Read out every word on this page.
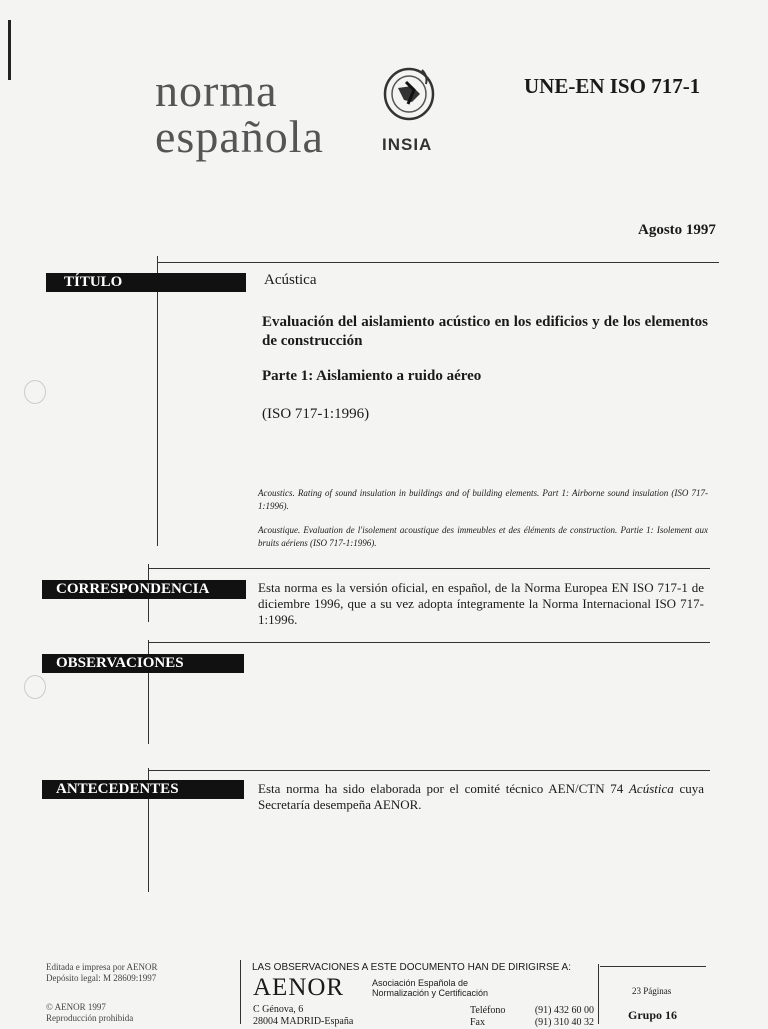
norma
española	INSIA
UNE-EN ISO 717-1
Agosto 1997
TÍTULO	Acústica
Evaluación del aislamiento acústico en los edificios y de los elementos de construcción
Parte 1: Aislamiento a ruido aéreo
(ISO 717-1:1996)
Acoustics. Rating of sound insulation in buildings and of building elements. Part 1: Airborne sound insulation (ISO 717-1:1996).
Acoustique. Evaluation de l'isolement acoustique des immeubles et des éléments de construction. Partie 1: Isolement aux bruits aériens (ISO 717-1:1996).
CORRESPONDENCIA	Esta norma es la versión oficial, en español, de la Norma Europea EN ISO 717-1 de diciembre 1996, que a su vez adopta íntegramente la Norma Internacional ISO 717-1:1996.
OBSERVACIONES
ANTECEDENTES	Esta norma ha sido elaborada por el comité técnico AEN/CTN 74 Acústica cuya Secretaría desempeña AENOR.
Editada e impresa por AENOR
Depósito legal: M 28609:1997
© AENOR 1997
Reproducción prohibida
LAS OBSERVACIONES A ESTE DOCUMENTO HAN DE DIRIGIRSE A:
AENOR	Asociación Española de
Normalización y Certificación
C Génova, 6
28004 MADRID-España
Teléfono	(91) 432 60 00
Fax	(91) 310 40 32
23 Páginas
Grupo 16
